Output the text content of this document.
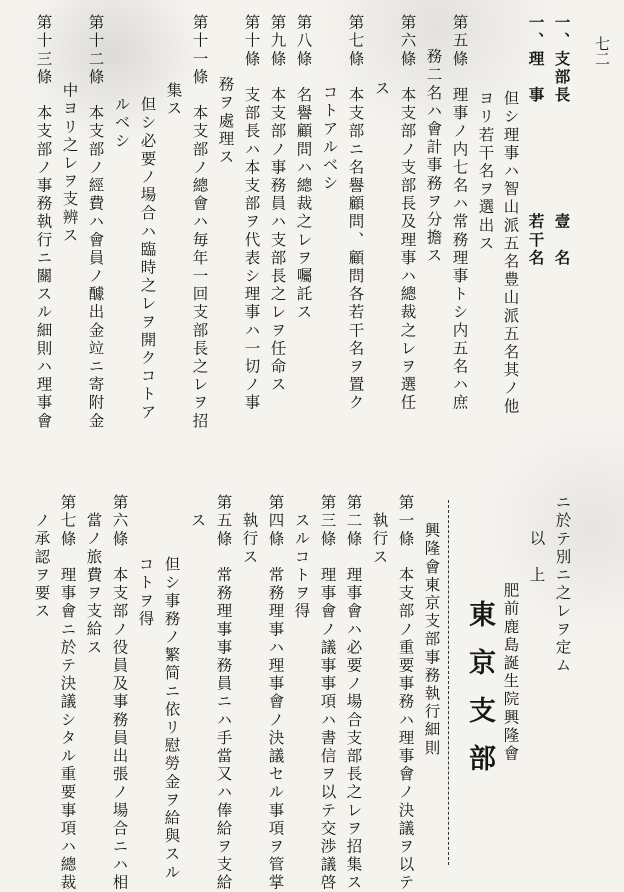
七二
一、支部長　　　　　　壹　名
一、理　事　　　　　　若干名
但シ理事ハ智山派五名豊山派五名其ノ他
ヨリ若干名ヲ選出ス
第五條　理事ノ内七名ハ常務理事トシ内五名ハ庶
務二名ハ會計事務ヲ分擔ス
第六條　本支部ノ支部長及理事ハ總裁之レヲ選任
ス
第七條　本支部ニ名譽顧問、顧問各若干名ヲ置ク
コトアルベシ
第八條　名譽顧問ハ總裁之レヲ囑託ス
第九條　本支部ノ事務員ハ支部長之レヲ任命ス
第十條　支部長ハ本支部ヲ代表シ理事ハ一切ノ事
務ヲ處理ス
第十一條　本支部ノ總會ハ毎年一回支部長之レヲ招
集ス
但シ必要ノ場合ハ臨時之レヲ開クコトア
ルベシ
第十二條　本支部ノ經費ハ會員ノ醵出金竝ニ寄附金
中ヨリ之レヲ支辨ス
第十三條　本支部ノ事務執行ニ關スル細則ハ理事會
ニ於テ別ニ之レヲ定ム
以　上
肥前鹿島誕生院興隆會
東京支部
興隆會東京支部事務執行細則
第一條　本支部ノ重要事務ハ理事會ノ決議ヲ以テ
執行ス
第二條　理事會ハ必要ノ場合支部長之レヲ招集ス
第三條　理事會ノ議事事項ハ書信ヲ以テ交渉議啓
スルコトヲ得
第四條　常務理事ハ理事會ノ決議セル事項ヲ管掌
執行ス
第五條　常務理事事務員ニハ手當又ハ俸給ヲ支給
ス
但シ事務ノ繁简ニ依リ慰勞金ヲ給與スル
コトヲ得
第六條　本支部ノ役員及事務員出張ノ場合ニハ相
當ノ旅費ヲ支給ス
第七條　理事會ニ於テ決議シタル重要事項ハ總裁
ノ承認ヲ要ス
